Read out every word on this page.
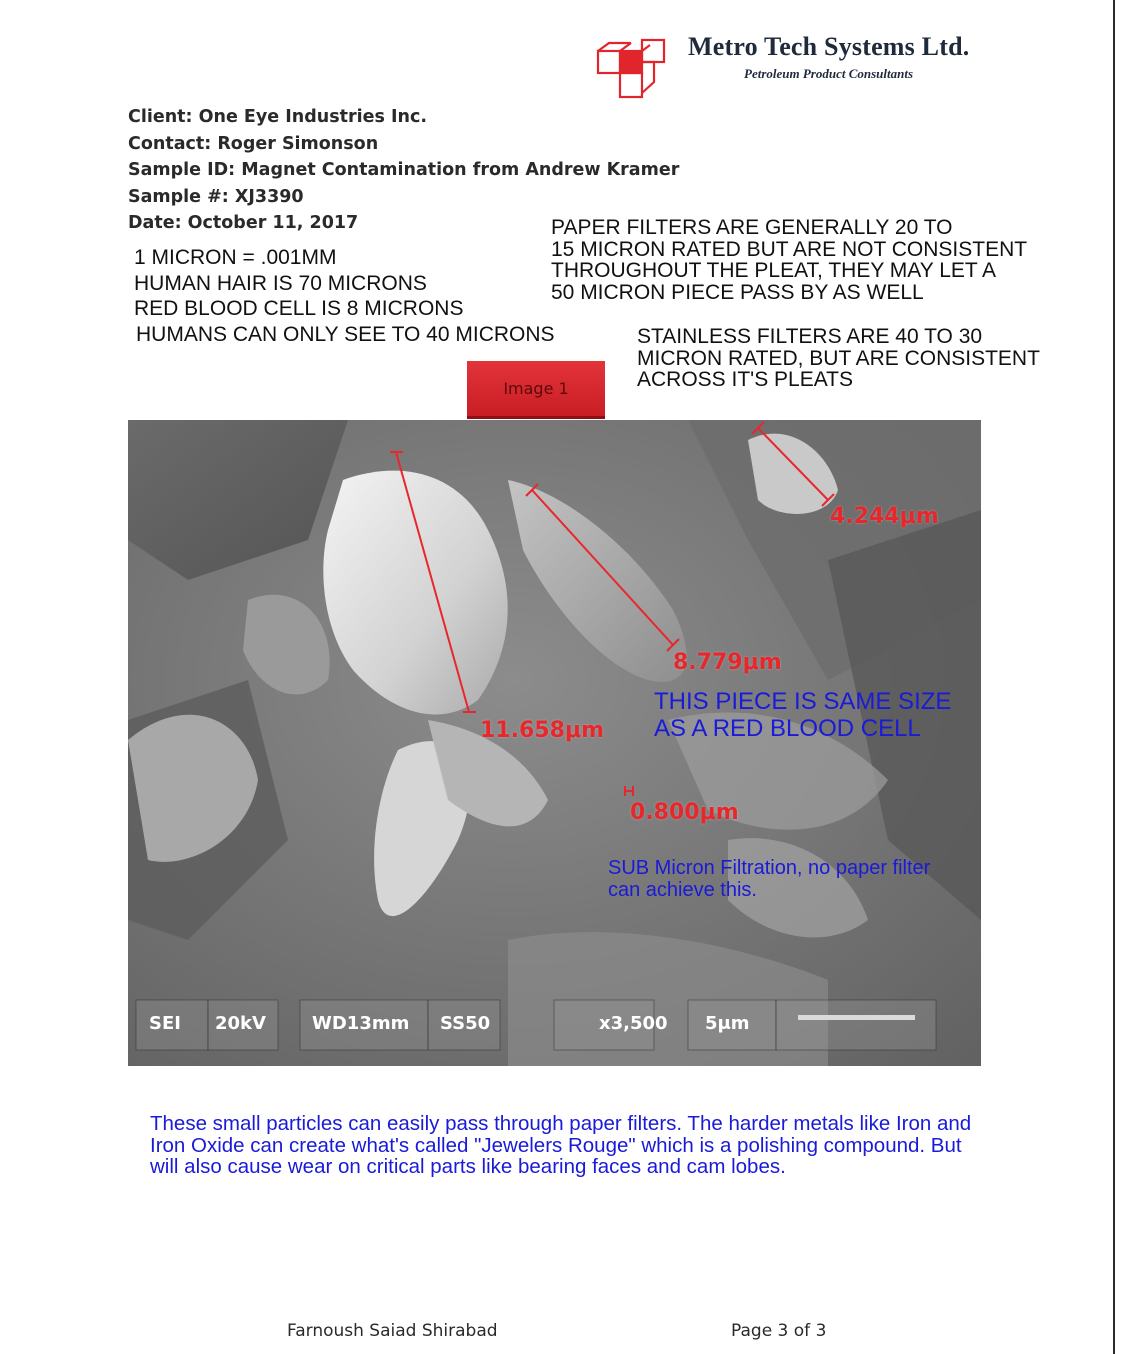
Metro Tech Systems Ltd.
Petroleum Product Consultants
Client: One Eye Industries Inc.
Contact: Roger Simonson
Sample ID: Magnet Contamination from Andrew Kramer
Sample #: XJ3390
Date: October 11, 2017
1 MICRON = .001MM
HUMAN HAIR IS 70 MICRONS
RED BLOOD CELL IS 8 MICRONS
HUMANS CAN ONLY SEE TO 40 MICRONS
PAPER FILTERS ARE GENERALLY 20 TO
15 MICRON RATED BUT ARE NOT CONSISTENT
THROUGHOUT THE PLEAT, THEY MAY LET A
50 MICRON PIECE PASS BY AS WELL
STAINLESS FILTERS ARE 40 TO 30
MICRON RATED, BUT ARE CONSISTENT
ACROSS IT'S PLEATS
Image 1
4.244μm
8.779μm
11.658μm
0.800μm
THIS PIECE IS SAME SIZE
AS A RED BLOOD CELL
SUB Micron Filtration, no paper filter
can achieve this.
SEI 20kV	WD13mm SS50	x3,500 5μm
These small particles can easily pass through paper filters. The harder metals like Iron and
Iron Oxide can create what's called "Jewelers Rouge" which is a polishing compound. But
will also cause wear on critical parts like bearing faces and cam lobes.
Farnoush Saiad Shirabad	Page 3 of 3
